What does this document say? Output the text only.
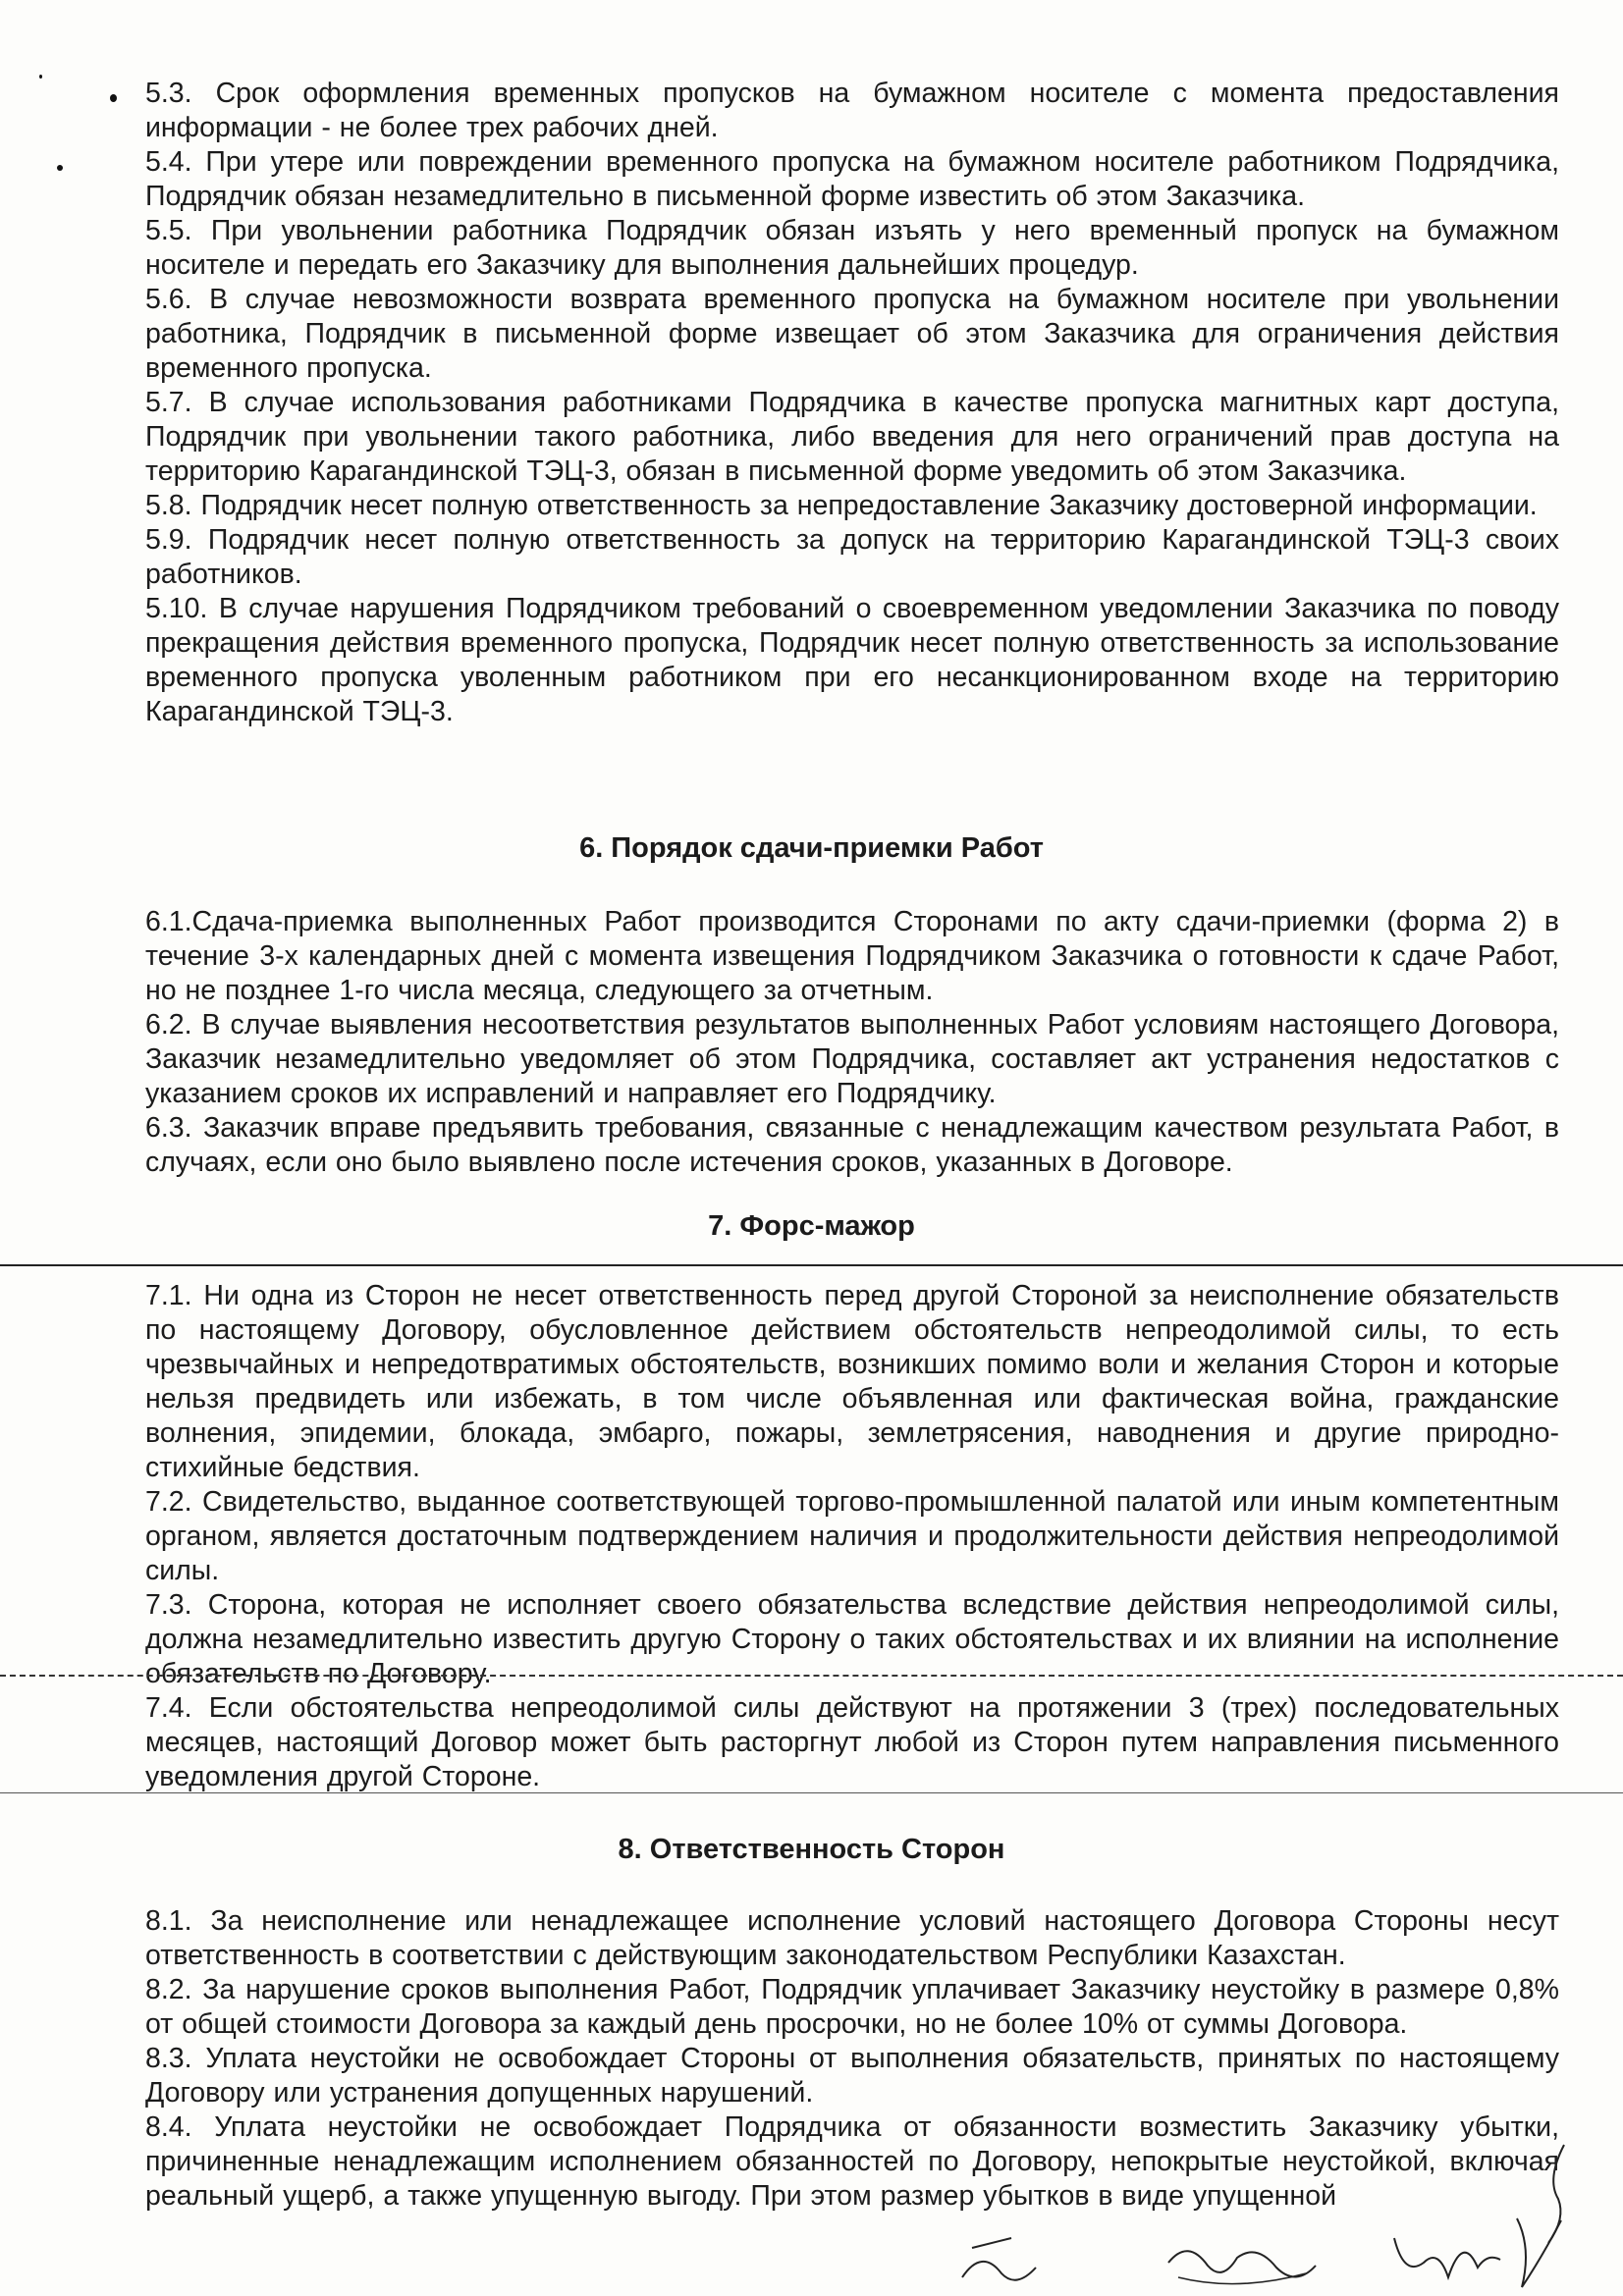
5.3. Срок оформления временных пропусков на бумажном носителе с момента предоставления информации - не более трех рабочих дней.

5.4. При утере или повреждении временного пропуска на бумажном носителе работником Подрядчика, Подрядчик обязан незамедлительно в письменной форме известить об этом Заказчика.

5.5. При увольнении работника Подрядчик обязан изъять у него временный пропуск на бумажном носителе и передать его Заказчику для выполнения дальнейших процедур.

5.6. В случае невозможности возврата временного пропуска на бумажном носителе при увольнении работника, Подрядчик в письменной форме извещает об этом Заказчика для ограничения действия временного пропуска.

5.7. В случае использования работниками Подрядчика в качестве пропуска магнитных карт доступа, Подрядчик при увольнении такого работника, либо введения для него ограничений прав доступа на территорию Карагандинской ТЭЦ-3, обязан в письменной форме уведомить об этом Заказчика.

5.8. Подрядчик несет полную ответственность за непредоставление Заказчику достоверной информации.

5.9. Подрядчик несет полную ответственность за допуск на территорию Карагандинской ТЭЦ-3 своих работников.

5.10. В случае нарушения Подрядчиком требований о своевременном уведомлении Заказчика по поводу прекращения действия временного пропуска, Подрядчик несет полную ответственность за использование временного пропуска уволенным работником при его несанкционированном входе на территорию Карагандинской ТЭЦ-3.

6. Порядок сдачи-приемки Работ

6.1.Сдача-приемка выполненных Работ производится Сторонами по акту сдачи-приемки (форма 2) в течение 3-х календарных дней с момента извещения Подрядчиком Заказчика о готовности к сдаче Работ, но не позднее 1-го числа месяца, следующего за отчетным.

6.2. В случае выявления несоответствия результатов выполненных Работ условиям настоящего Договора, Заказчик незамедлительно уведомляет об этом Подрядчика, составляет акт устранения недостатков с указанием сроков их исправлений и направляет его Подрядчику.

6.3. Заказчик вправе предъявить требования, связанные с ненадлежащим качеством результата Работ, в случаях, если оно было выявлено после истечения сроков, указанных в Договоре.

7. Форс-мажор

7.1. Ни одна из Сторон не несет ответственность перед другой Стороной за неисполнение обязательств по настоящему Договору, обусловленное действием обстоятельств непреодолимой силы, то есть чрезвычайных и непредотвратимых обстоятельств, возникших помимо воли и желания Сторон и которые нельзя предвидеть или избежать, в том числе объявленная или фактическая война, гражданские волнения, эпидемии, блокада, эмбарго, пожары, землетрясения, наводнения и другие природно-стихийные бедствия.

7.2. Свидетельство, выданное соответствующей торгово-промышленной палатой или иным компетентным органом, является достаточным подтверждением наличия и продолжительности действия непреодолимой силы.

7.3. Сторона, которая не исполняет своего обязательства вследствие действия непреодолимой силы, должна незамедлительно известить другую Сторону о таких обстоятельствах и их влиянии на исполнение обязательств по Договору.

7.4. Если обстоятельства непреодолимой силы действуют на протяжении 3 (трех) последовательных месяцев, настоящий Договор может быть расторгнут любой из Сторон путем направления письменного уведомления другой Стороне.

8. Ответственность Сторон

8.1. За неисполнение или ненадлежащее исполнение условий настоящего Договора Стороны несут ответственность в соответствии с действующим законодательством Республики Казахстан.

8.2. За нарушение сроков выполнения Работ, Подрядчик уплачивает Заказчику неустойку в размере 0,8% от общей стоимости Договора за каждый день просрочки, но не более 10% от суммы Договора.

8.3. Уплата неустойки не освобождает Стороны от выполнения обязательств, принятых по настоящему Договору или устранения допущенных нарушений.

8.4. Уплата неустойки не освобождает Подрядчика от обязанности возместить Заказчику убытки, причиненные ненадлежащим исполнением обязанностей по Договору, непокрытые неустойкой, включая реальный ущерб, а также упущенную выгоду. При этом размер убытков в виде упущенной
